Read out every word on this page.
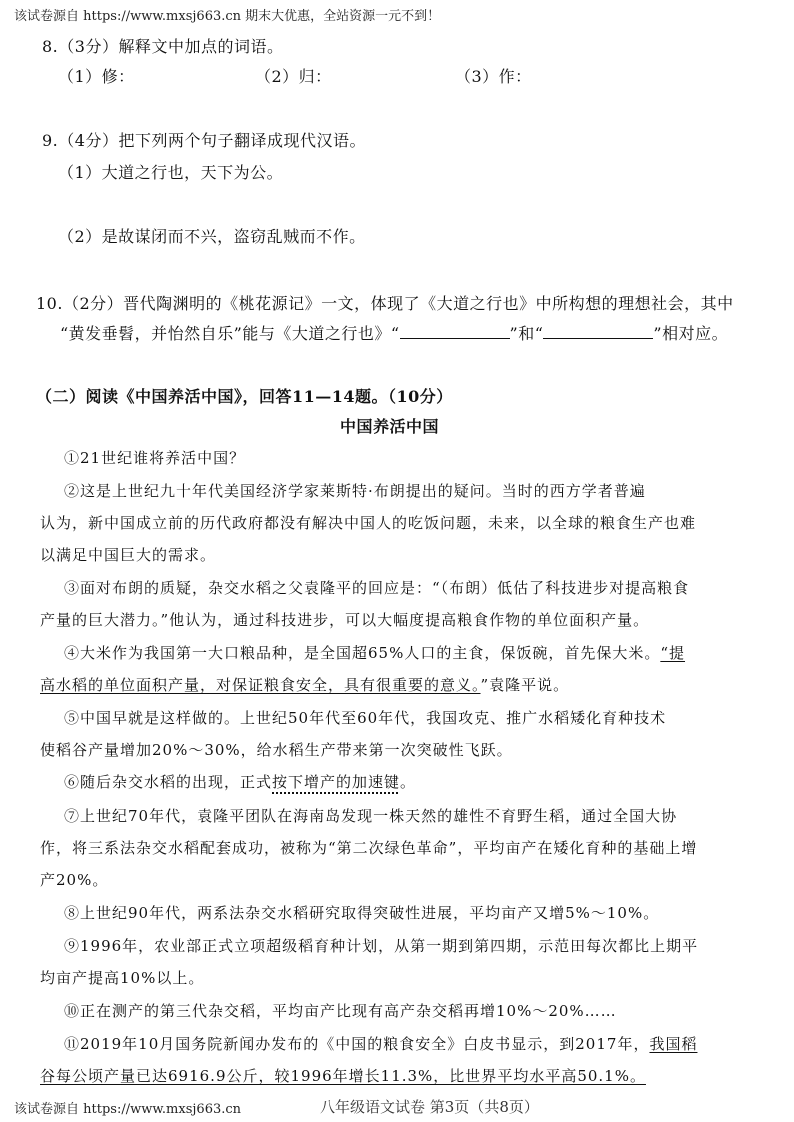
该试卷源自 https://www.mxsj663.cn 期末大优惠，全站资源一元不到！
8.（3分）解释文中加点的词语。
（1）修：	（2）归：	（3）作：
9.（4分）把下列两个句子翻译成现代汉语。
（1）大道之行也，天下为公。
（2）是故谋闭而不兴，盗窃乱贼而不作。
10.（2分）晋代陶渊明的《桃花源记》一文，体现了《大道之行也》中所构想的理想社会，其中
“黄发垂髫，并怡然自乐”能与《大道之行也》“	”和“	”相对应。
（二）阅读《中国养活中国》，回答11—14题。（10分）
中国养活中国
①21世纪谁将养活中国？
②这是上世纪九十年代美国经济学家莱斯特·布朗提出的疑问。当时的西方学者普遍
认为，新中国成立前的历代政府都没有解决中国人的吃饭问题，未来，以全球的粮食生产也难
以满足中国巨大的需求。
③面对布朗的质疑，杂交水稻之父袁隆平的回应是：“（布朗）低估了科技进步对提高粮食
产量的巨大潜力。”他认为，通过科技进步，可以大幅度提高粮食作物的单位面积产量。
④大米作为我国第一大口粮品种，是全国超65%人口的主食，保饭碗，首先保大米。“提
高水稻的单位面积产量，对保证粮食安全，具有很重要的意义。”袁隆平说。
⑤中国早就是这样做的。上世纪50年代至60年代，我国攻克、推广水稻矮化育种技术
使稻谷产量增加20%～30%，给水稻生产带来第一次突破性飞跃。
⑥随后杂交水稻的出现，正式按下增产的加速键。
⑦上世纪70年代，袁隆平团队在海南岛发现一株天然的雄性不育野生稻，通过全国大协
作，将三系法杂交水稻配套成功，被称为“第二次绿色革命”，平均亩产在矮化育种的基础上增
产20%。
⑧上世纪90年代，两系法杂交水稻研究取得突破性进展，平均亩产又增5%～10%。
⑨1996年，农业部正式立项超级稻育种计划，从第一期到第四期，示范田每次都比上期平
均亩产提高10%以上。
⑩正在测产的第三代杂交稻，平均亩产比现有高产杂交稻再增10%～20%……
⑪2019年10月国务院新闻办发布的《中国的粮食安全》白皮书显示，到2017年，我国稻
谷每公顷产量已达6916.9公斤，较1996年增长11.3%，比世界平均水平高50.1%。
该试卷源自 https://www.mxsj663.cn	八年级语文试卷 第3页（共8页）
